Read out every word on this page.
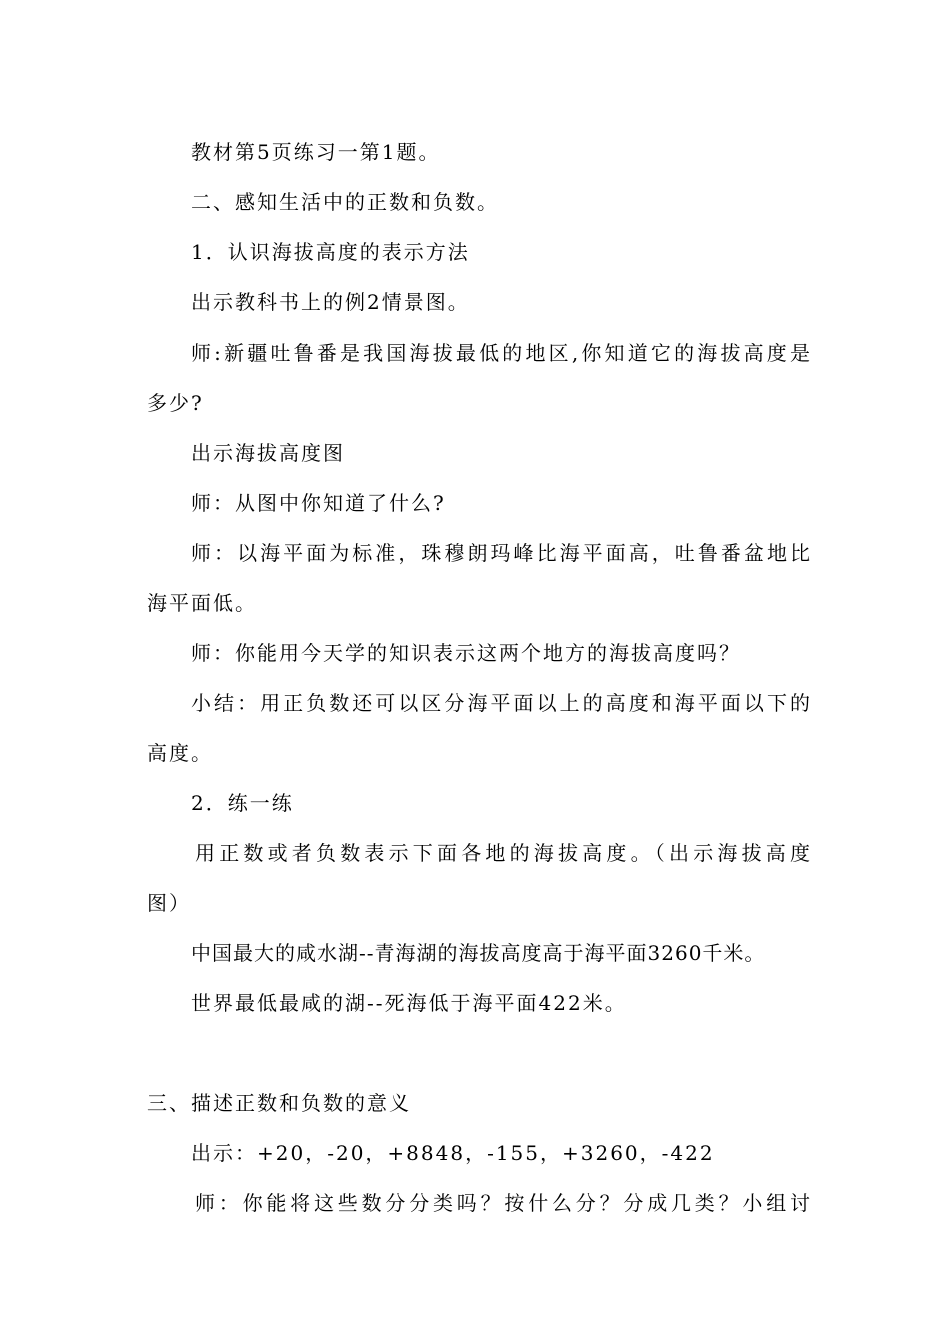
教材第5页练习一第1题。
二、感知生活中的正数和负数。
1．认识海拔高度的表示方法
出示教科书上的例2情景图。
师:新疆吐鲁番是我国海拔最低的地区,你知道它的海拔高度是
多少?
出示海拔高度图
师：从图中你知道了什么?
师：以海平面为标准，珠穆朗玛峰比海平面高，吐鲁番盆地比
海平面低。
师：你能用今天学的知识表示这两个地方的海拔高度吗？
小结：用正负数还可以区分海平面以上的高度和海平面以下的
高度。
2．练一练
用正数或者负数表示下面各地的海拔高度。（出示海拔高度
图）
中国最大的咸水湖--青海湖的海拔高度高于海平面3260千米。
世界最低最咸的湖--死海低于海平面422米。
三、描述正数和负数的意义
出示：+20，-20，+8848，-155，+3260，-422
师：你能将这些数分分类吗？按什么分？分成几类？小组讨
